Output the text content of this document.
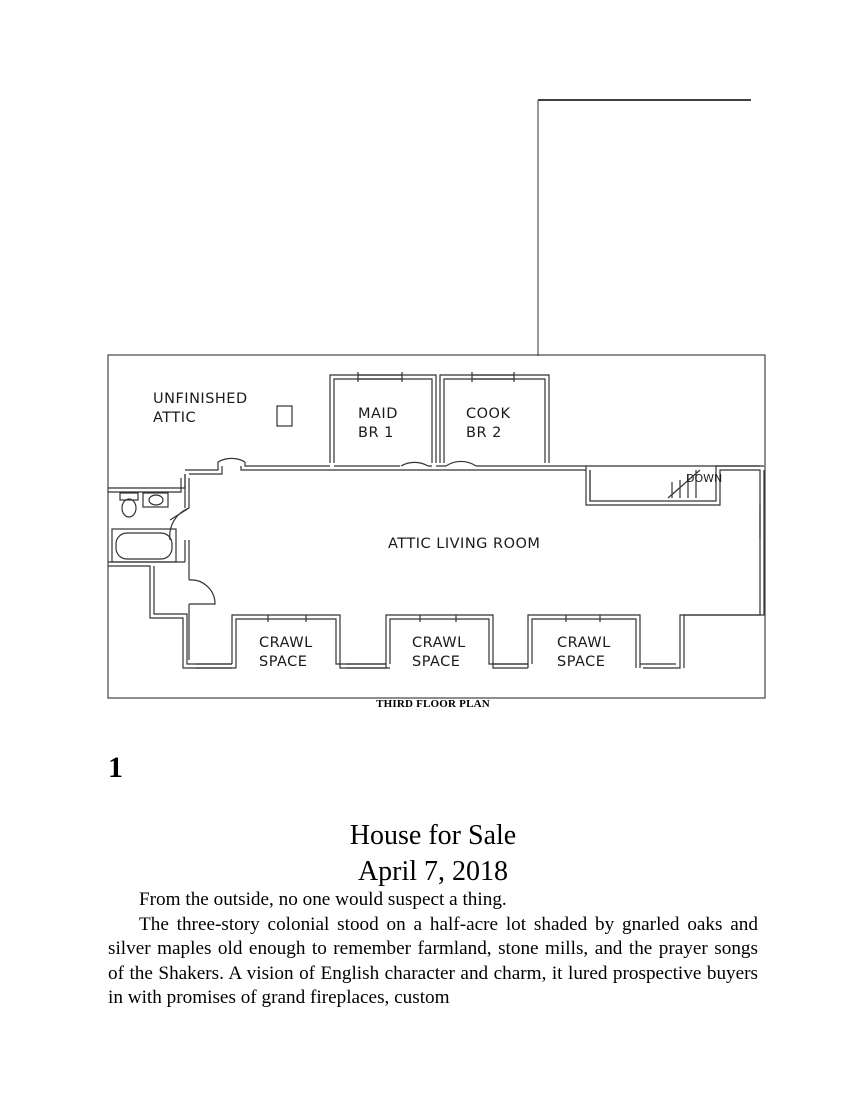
UNFINISHED
ATTIC	MAID
BR 1
COOK
BR 2
ATTIC LIVING ROOM
DOWN
CRAWL
SPACE
CRAWL
SPACE
CRAWL
SPACE
THIRD FLOOR PLAN
1
House for Sale
April 7, 2018

From the outside, no one would suspect a thing.

The three-story colonial stood on a half-acre lot shaded by gnarled oaks and silver maples old enough to remember farmland, stone mills, and the prayer songs of the Shakers. A vision of English character and charm, it lured prospective buyers in with promises of grand fireplaces, custom
